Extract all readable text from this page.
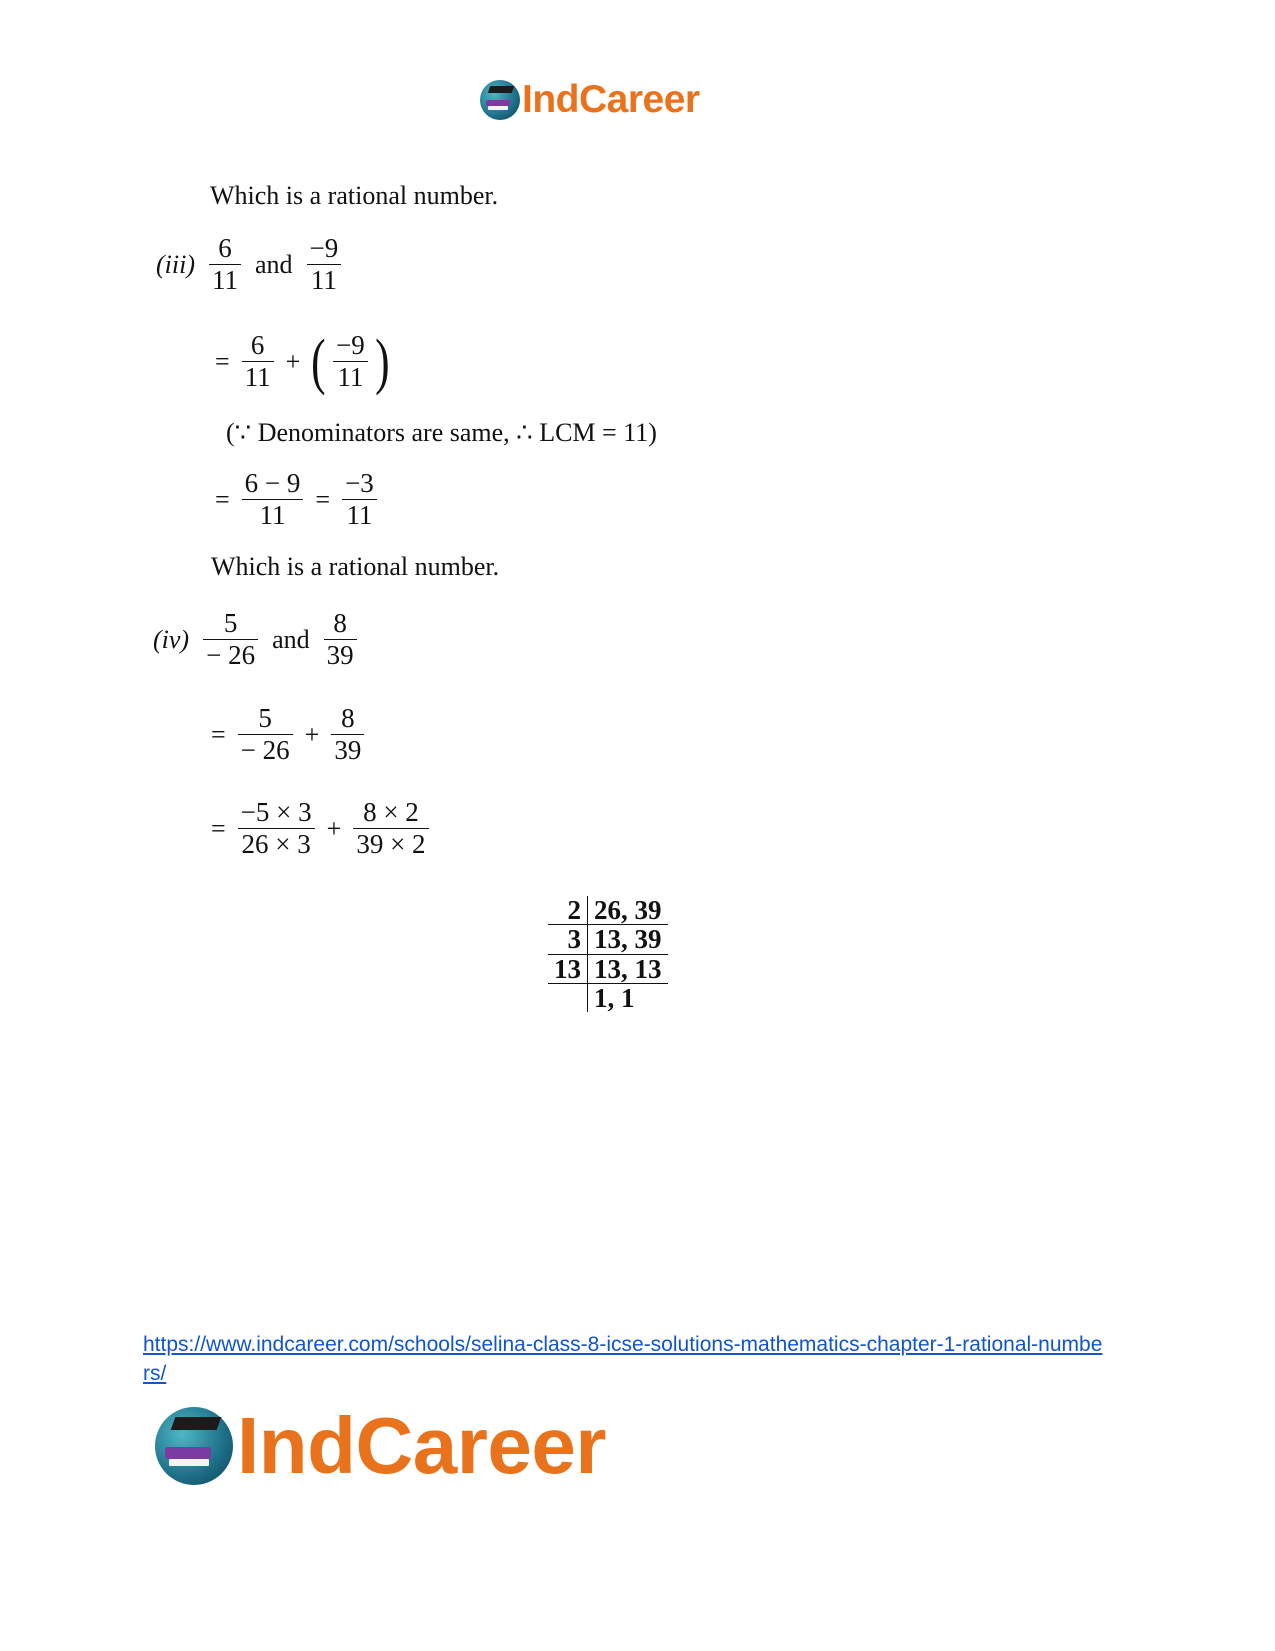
IndCareer
Which is a rational number.
$(iii) \frac{6}{11}$ and $\frac{-9}{11}$
= $\frac{6}{11}$ + ( $\frac{-9}{11}$ )
(∵ Denominators are same, ∴ LCM = 11)
= $\frac{6 - 9}{11} = \frac{-3}{11}$
Which is a rational number.
$(iv) \frac{5}{- 26}$ and $\frac{8}{39}$
= $\frac{5}{- 26} + \frac{8}{39}$
= $\frac{-5 \times 3}{26 \times 3} + \frac{8 \times 2}{39 \times 2}$
2	26, 39
3	13, 39
13	13, 13
	1, 1
https://www.indcareer.com/schools/selina-class-8-icse-solutions-mathematics-chapter-1-rational-numbers/
IndCareer
